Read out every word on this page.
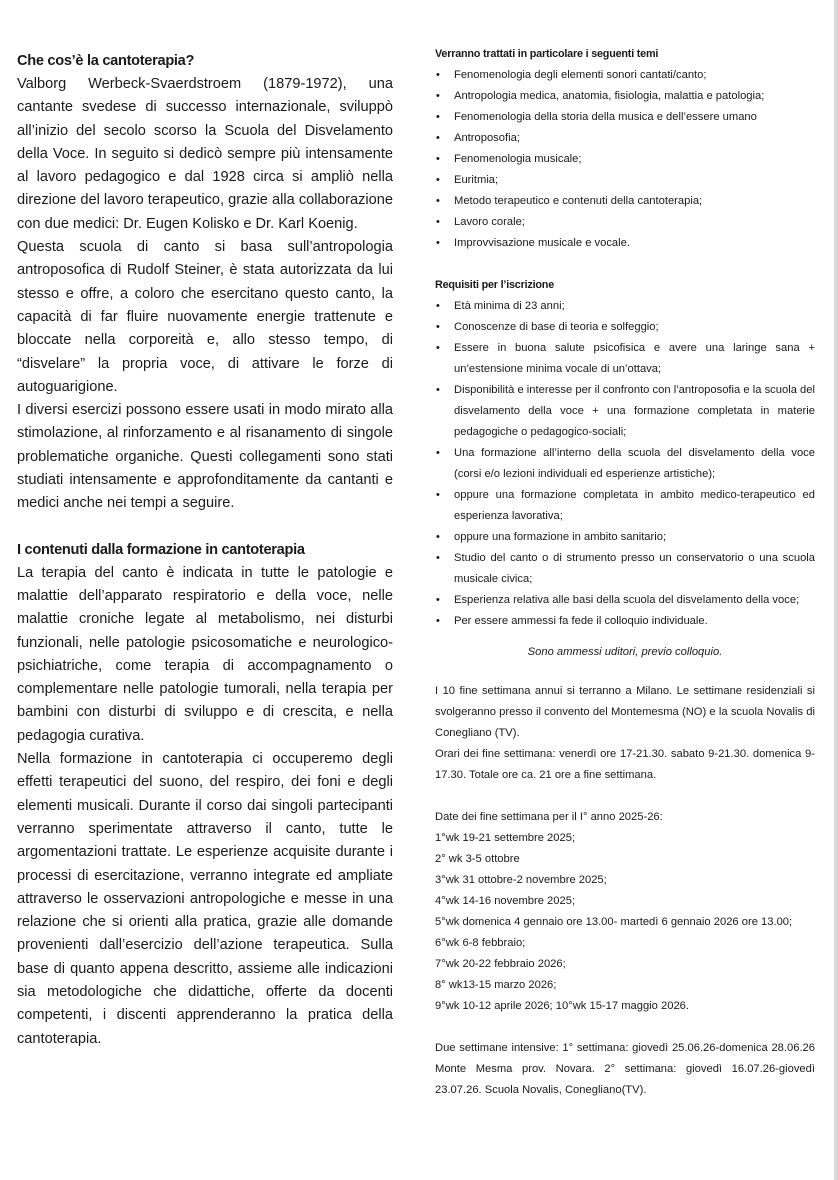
Che cos’è la cantoterapia?

Valborg Werbeck-Svaerdstroem (1879-1972), una cantante svedese di successo internazionale, sviluppò all’inizio del secolo scorso la Scuola del Disvelamento della Voce. In seguito si dedicò sempre più intensamente al lavoro pedagogico e dal 1928 circa si ampliò nella direzione del lavoro terapeutico, grazie alla collaborazione con due medici: Dr. Eugen Kolisko e Dr. Karl Koenig.

Questa scuola di canto si basa sull’antropologia antroposofica di Rudolf Steiner, è stata autorizzata da lui stesso e offre, a coloro che esercitano questo canto, la capacità di far fluire nuovamente energie trattenute e bloccate nella corporeità e, allo stesso tempo, di “disvelare” la propria voce, di attivare le forze di autoguarigione.

I diversi esercizi possono essere usati in modo mirato alla stimolazione, al rinforzamento e al risanamento di singole problematiche organiche. Questi collegamenti sono stati studiati intensamente e approfonditamente da cantanti e medici anche nei tempi a seguire.

I contenuti dalla formazione in cantoterapia

La terapia del canto è indicata in tutte le patologie e malattie dell’apparato respiratorio e della voce, nelle malattie croniche legate al metabolismo, nei disturbi funzionali, nelle patologie psicosomatiche e neurologico-psichiatriche, come terapia di accompagnamento o complementare nelle patologie tumorali, nella terapia per bambini con disturbi di sviluppo e di crescita, e nella pedagogia curativa.

Nella formazione in cantoterapia ci occuperemo degli effetti terapeutici del suono, del respiro, dei foni e degli elementi musicali. Durante il corso dai singoli partecipanti verranno sperimentate attraverso il canto, tutte le argomentazioni trattate. Le esperienze acquisite durante i processi di esercitazione, verranno integrate ed ampliate attraverso le osservazioni antropologiche e messe in una relazione che si orienti alla pratica, grazie alle domande provenienti dall’esercizio dell’azione terapeutica. Sulla base di quanto appena descritto, assieme alle indicazioni sia metodologiche che didattiche, offerte da docenti competenti, i discenti apprenderanno la pratica della cantoterapia.

Verranno trattati in particolare i seguenti temi
• Fenomenologia degli elementi sonori cantati/canto;
• Antropologia medica, anatomia, fisiologia, malattia e patologia;
• Fenomenologia della storia della musica e dell’essere umano
• Antroposofia;
• Fenomenologia musicale;
• Euritmia;
• Metodo terapeutico e contenuti della cantoterapia;
• Lavoro corale;
• Improvvisazione musicale e vocale.
Requisiti per l’iscrizione
• Età minima di 23 anni;
• Conoscenze di base di teoria e solfeggio;
• Essere in buona salute psicofisica e avere una laringe sana + un’estensione minima vocale di un’ottava;
• Disponibilità e interesse per il confronto con l’antroposofia e la scuola del disvelamento della voce + una formazione completata in materie pedagogiche o pedagogico-sociali;
• Una formazione all’interno della scuola del disvelamento della voce (corsi e/o lezioni individuali ed esperienze artistiche);
• oppure una formazione completata in ambito medico-terapeutico ed esperienza lavorativa;
• oppure una formazione in ambito sanitario;
• Studio del canto o di strumento presso un conservatorio o una scuola musicale civica;
• Esperienza relativa alle basi della scuola del disvelamento della voce;
• Per essere ammessi fa fede il colloquio individuale.
Sono ammessi uditori, previo colloquio.

I 10 fine settimana annui si terranno a Milano. Le settimane residenziali si svolgeranno presso il convento del Montemesma (NO) e la scuola Novalis di Conegliano (TV).

Orari dei fine settimana: venerdì ore 17-21.30. sabato 9-21.30. domenica 9-17.30. Totale ore ca. 21 ore a fine settimana.

Date dei fine settimana per il I° anno 2025-26:
1°wk 19-21 settembre 2025;
2° wk 3-5 ottobre
3°wk 31 ottobre-2 novembre 2025;
4°wk 14-16 novembre 2025;
5°wk domenica 4 gennaio ore 13.00- martedì 6 gennaio 2026 ore 13.00;
6°wk 6-8 febbraio;
7°wk 20-22 febbraio 2026;
8° wk13-15 marzo 2026;
9°wk 10-12 aprile 2026; 10°wk 15-17 maggio 2026.

Due settimane intensive: 1° settimana: giovedì 25.06.26-domenica 28.06.26 Monte Mesma prov. Novara. 2° settimana: giovedì 16.07.26-giovedì 23.07.26. Scuola Novalis, Conegliano(TV).
